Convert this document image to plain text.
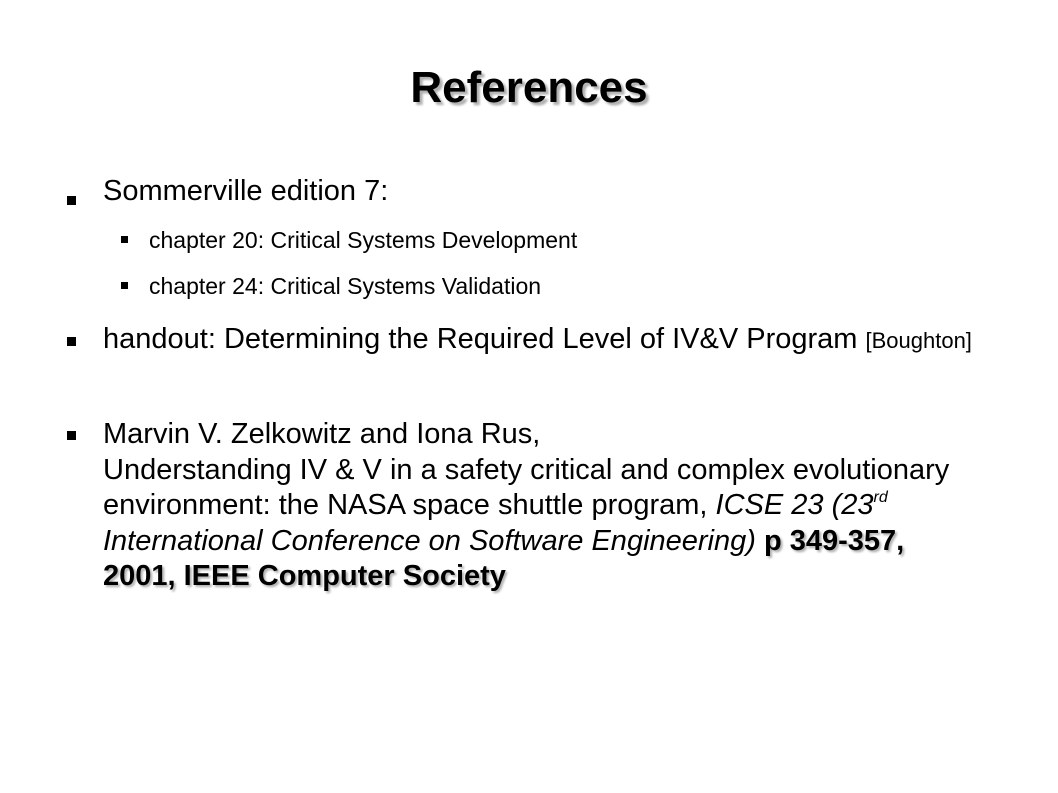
References

Sommerville edition 7:

chapter 20: Critical Systems Development

chapter 24: Critical Systems Validation

handout: Determining the Required Level of IV&V Program [Boughton]

Marvin V. Zelkowitz and Iona Rus,
Understanding IV & V in a safety critical and complex evolutionary environment: the NASA space shuttle program, ICSE 23 (23rd International Conference on Software Engineering) p 349-357, 2001, IEEE Computer Society
